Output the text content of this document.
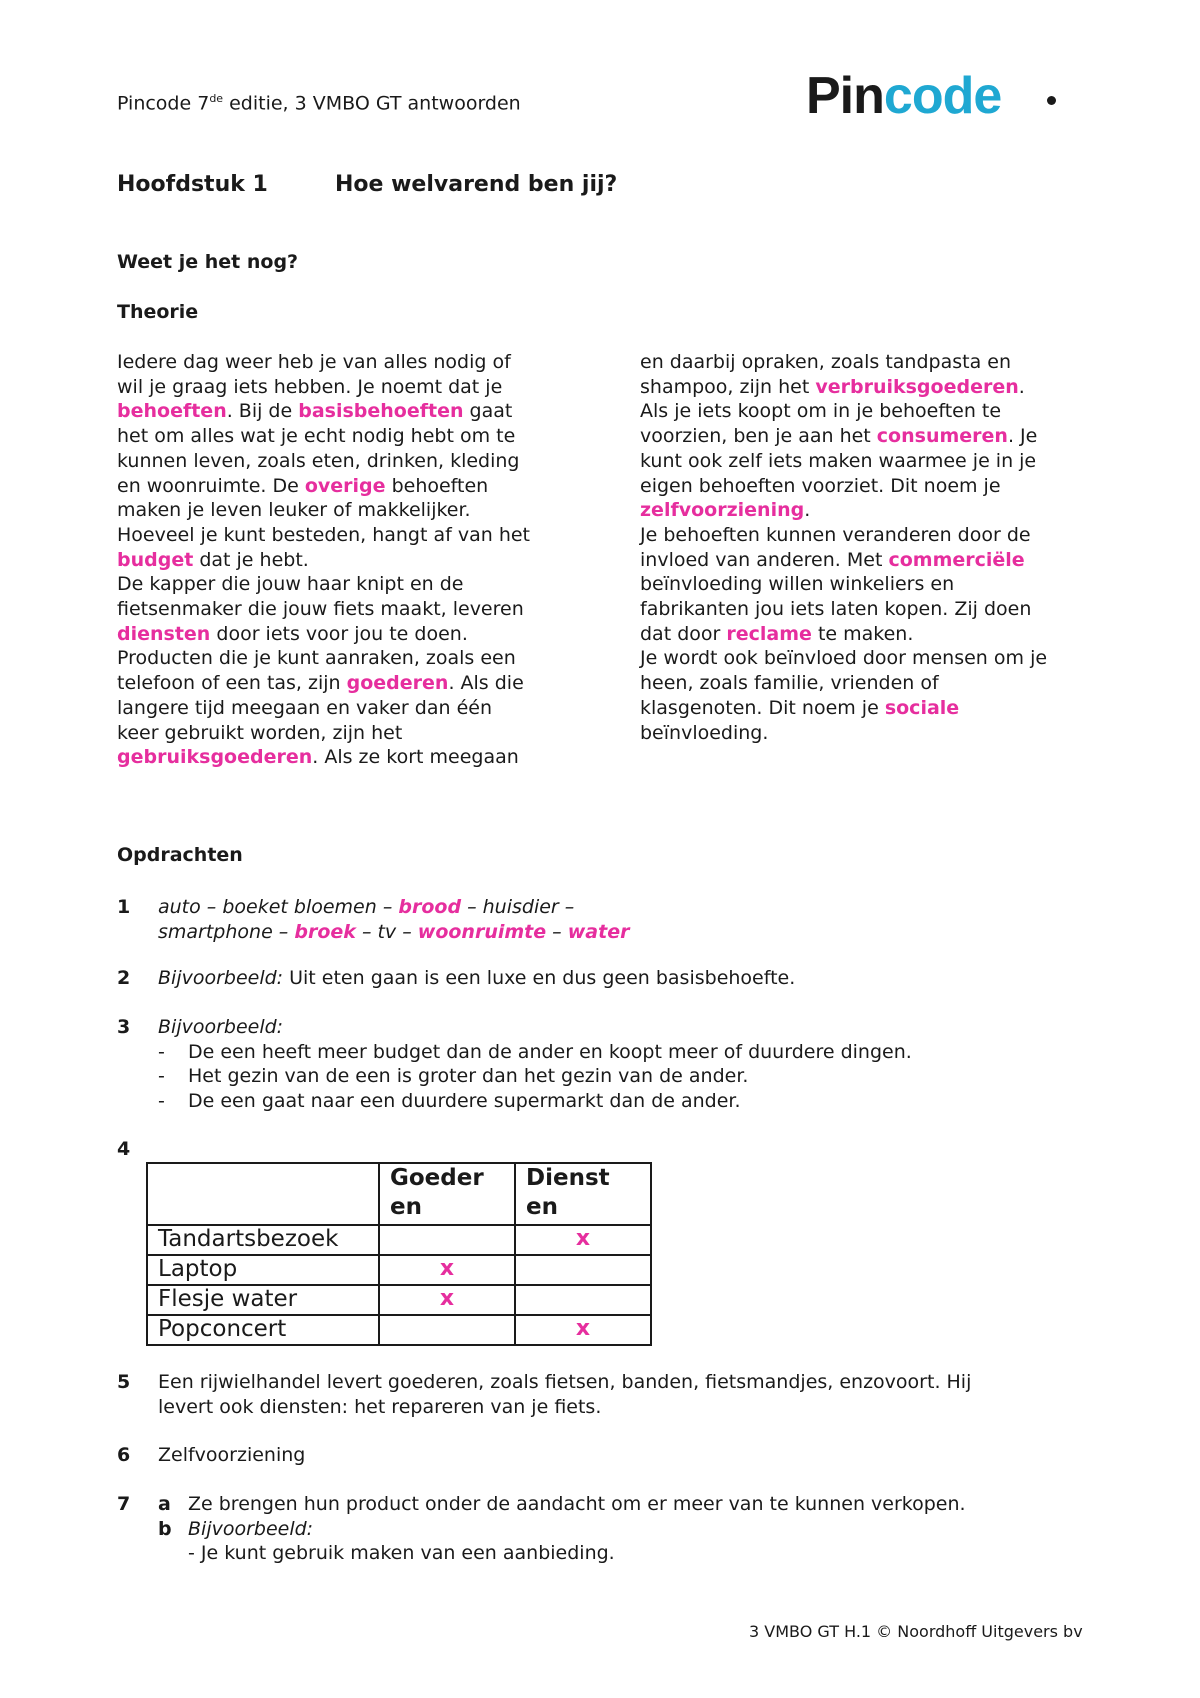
Pincode 7de editie, 3 VMBO GT antwoorden	Pincode
Hoofdstuk 1	Hoe welvarend ben jij?
Weet je het nog?
Theorie
Iedere dag weer heb je van alles nodig of
wil je graag iets hebben. Je noemt dat je
behoeften. Bij de basisbehoeften gaat
het om alles wat je echt nodig hebt om te
kunnen leven, zoals eten, drinken, kleding
en woonruimte. De overige behoeften
maken je leven leuker of makkelijker.
Hoeveel je kunt besteden, hangt af van het
budget dat je hebt.
De kapper die jouw haar knipt en de
fietsenmaker die jouw fiets maakt, leveren
diensten door iets voor jou te doen.
Producten die je kunt aanraken, zoals een
telefoon of een tas, zijn goederen. Als die
langere tijd meegaan en vaker dan één
keer gebruikt worden, zijn het
gebruiksgoederen. Als ze kort meegaan
en daarbij opraken, zoals tandpasta en
shampoo, zijn het verbruiksgoederen.
Als je iets koopt om in je behoeften te
voorzien, ben je aan het consumeren. Je
kunt ook zelf iets maken waarmee je in je
eigen behoeften voorziet. Dit noem je
zelfvoorziening.
Je behoeften kunnen veranderen door de
invloed van anderen. Met commerciële
beïnvloeding willen winkeliers en
fabrikanten jou iets laten kopen. Zij doen
dat door reclame te maken.
Je wordt ook beïnvloed door mensen om je
heen, zoals familie, vrienden of
klasgenoten. Dit noem je sociale
beïnvloeding.
Opdrachten
1 auto – boeket bloemen – brood – huisdier –
smartphone – broek – tv – woonruimte – water
2 Bijvoorbeeld: Uit eten gaan is een luxe en dus geen basisbehoefte.
3 Bijvoorbeeld:
-	De een heeft meer budget dan de ander en koopt meer of duurdere dingen.
-	Het gezin van de een is groter dan het gezin van de ander.
-	De een gaat naar een duurdere supermarkt dan de ander.
4
	Goeder
en	Dienst
en
Tandartsbezoek		x
Laptop	x	
Flesje water	x	
Popconcert		x
5 Een rijwielhandel levert goederen, zoals fietsen, banden, fietsmandjes, enzovoort. Hij
levert ook diensten: het repareren van je fiets.
6 Zelfvoorziening
7 a Ze brengen hun product onder de aandacht om er meer van te kunnen verkopen.
b Bijvoorbeeld:
- Je kunt gebruik maken van een aanbieding.
3 VMBO GT H.1 © Noordhoff Uitgevers bv
